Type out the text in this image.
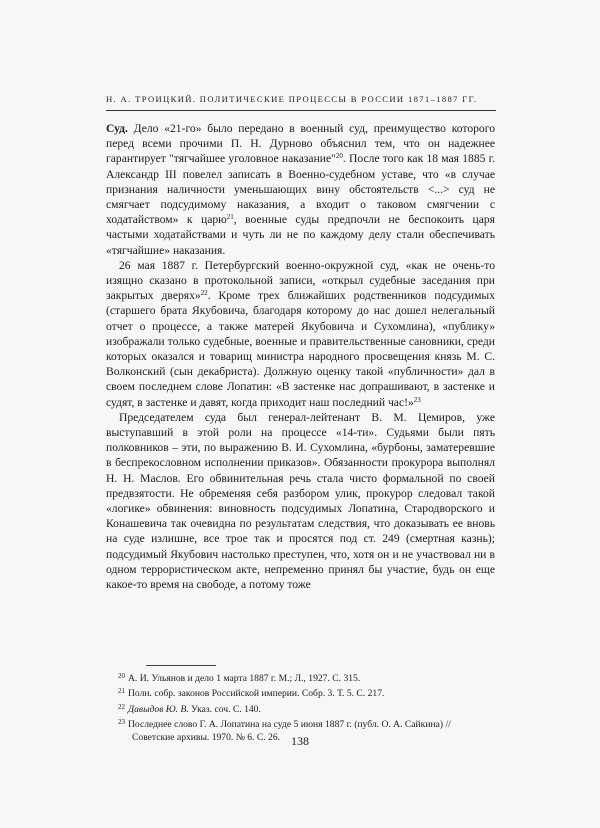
Н. А. ТРОИЦКИЙ. ПОЛИТИЧЕСКИЕ ПРОЦЕССЫ В РОССИИ 1871–1887 ГГ.

Суд. Дело «21-го» было передано в военный суд, преимущество которого перед всеми прочими П. Н. Дурново объяснил тем, что он надежнее гарантирует "тягчайшее уголовное наказание"$^{20}$. После того как 18 мая 1885 г. Александр III повелел записать в Военно-судебном уставе, что «в случае признания наличности уменьшающих вину обстоятельств <...> суд не смягчает подсудимому наказания, а входит о таковом смягчении с ходатайством» к царю$^{21}$, военные суды предпочли не беспокоить царя частыми ходатайствами и чуть ли не по каждому делу стали обеспечивать «тягчайшие» наказания.

26 мая 1887 г. Петербургский военно-окружной суд, «как не очень-то изящно сказано в протокольной записи, «открыл судебные заседания при закрытых дверях»$^{22}$. Кроме трех ближайших родственников подсудимых (старшего брата Якубовича, благодаря которому до нас дошел нелегальный отчет о процессе, а также матерей Якубовича и Сухомлина), «публику» изображали только судебные, военные и правительственные сановники, среди которых оказался и товарищ министра народного просвещения князь М. С. Волконский (сын декабриста). Должную оценку такой «публичности» дал в своем последнем слове Лопатин: «В застенке нас допрашивают, в застенке и судят, в застенке и давят, когда приходит наш последний час!»$^{23}$

Председателем суда был генерал-лейтенант В. М. Цемиров, уже выступавший в этой роли на процессе «14-ти». Судьями были пять полковников – эти, по выражению В. И. Сухомлина, «бурбоны, заматеревшие в беспрекословном исполнении приказов». Обязанности прокурора выполнял Н. Н. Маслов. Его обвинительная речь стала чисто формальной по своей предвзятости. Не обременяя себя разбором улик, прокурор следовал такой «логике» обвинения: виновность подсудимых Лопатина, Стародворского и Конашевича так очевидна по результатам следствия, что доказывать ее вновь на суде излишне, все трое так и просятся под ст. 249 (смертная казнь); подсудимый Якубович настолько преступен, что, хотя он и не участвовал ни в одном террористическом акте, непременно принял бы участие, будь он еще какое-то время на свободе, а потому тоже

$^{20}$ А. И. Ульянов и дело 1 марта 1887 г. М.; Л., 1927. С. 315.

$^{21}$ Полн. собр. законов Российской империи. Собр. 3. Т. 5. С. 217.

$^{22}$ Давыдов Ю. В. Указ. соч. С. 140.

$^{23}$ Последнее слово Г. А. Лопатина на суде 5 июня 1887 г. (публ. О. А. Сайкина) // Советские архивы. 1970. № 6. С. 26. 138
